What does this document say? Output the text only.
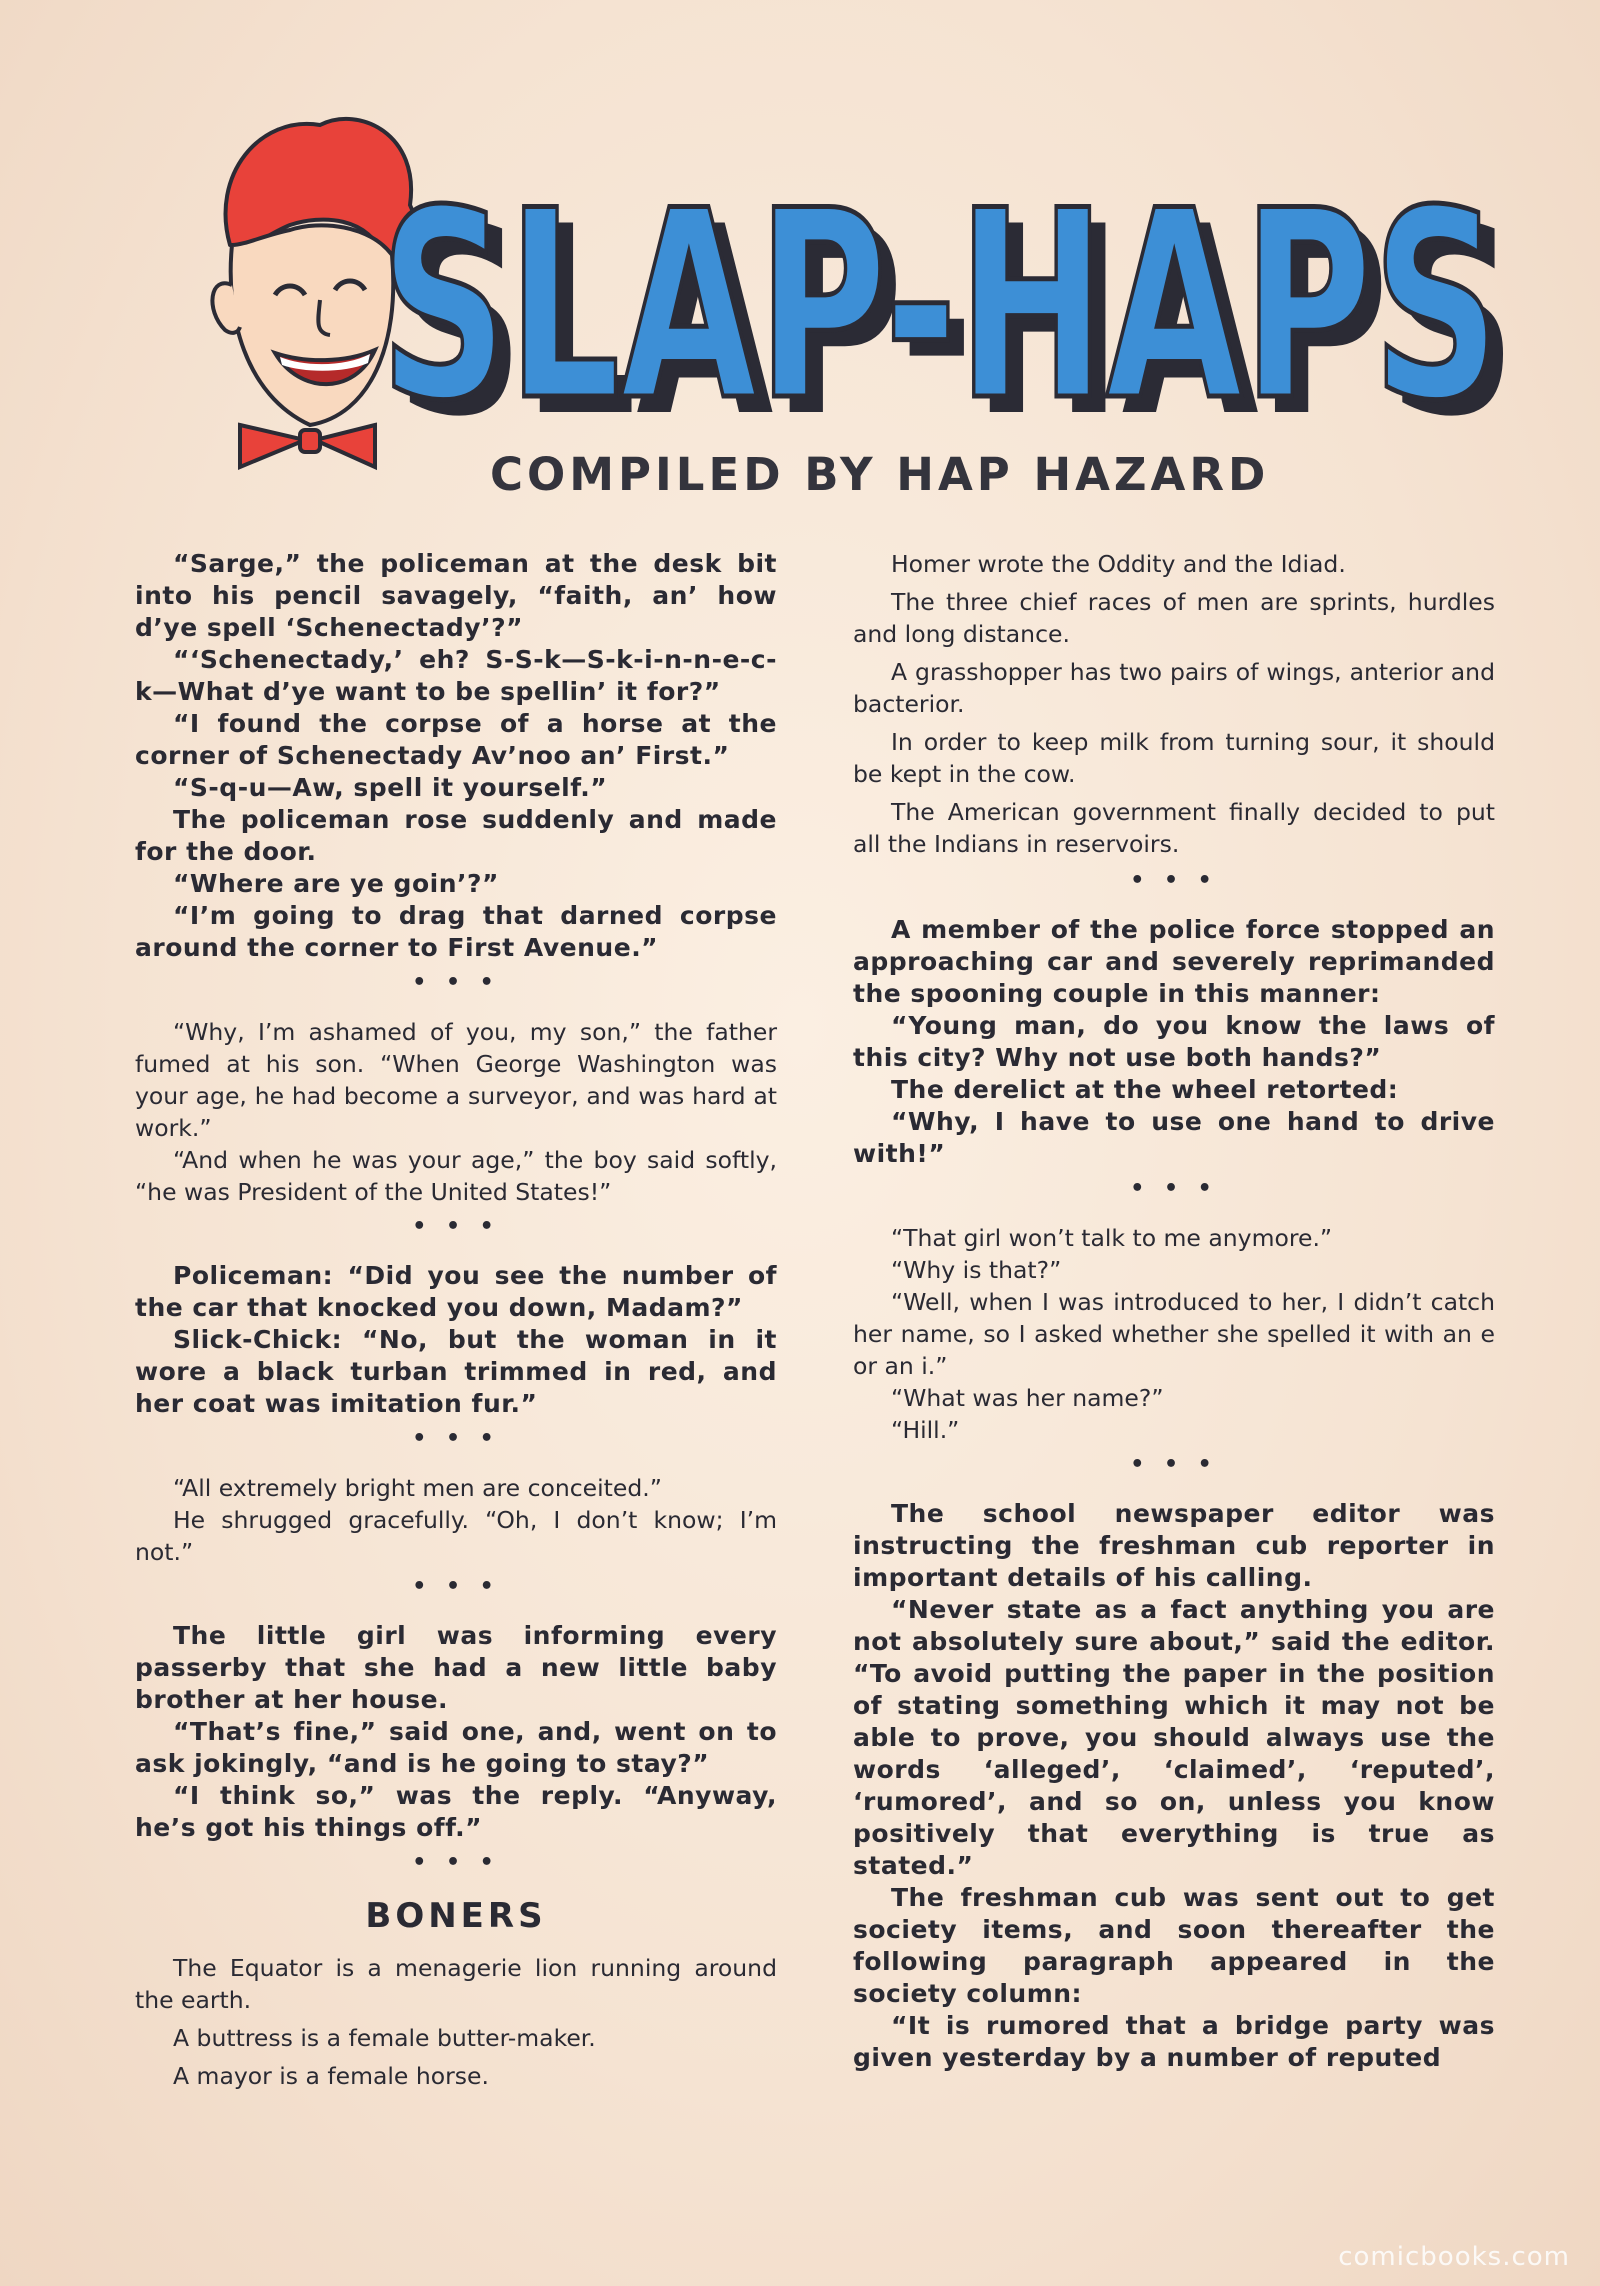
SLAP-HAPS
SLAP-HAPS
COMPILED BY HAP HAZARD

“Sarge,” the policeman at the desk bit into his pencil savagely, “faith, an’ how d’ye spell ‘Schenectady’?”

“‘Schenectady,’ eh? S-S-k—S-k-i-n-n-e-c-k—What d’ye want to be spellin’ it for?”

“I found the corpse of a horse at the corner of Schenectady Av’noo an’ First.”

“S-q-u—Aw, spell it yourself.”

The policeman rose suddenly and made for the door.

“Where are ye goin’?”

“I’m going to drag that darned corpse around the corner to First Avenue.”

• • •

“Why, I’m ashamed of you, my son,” the father fumed at his son. “When George Washington was your age, he had become a surveyor, and was hard at work.”

“And when he was your age,” the boy said softly, “he was President of the United States!”

• • •

Policeman: “Did you see the number of the car that knocked you down, Madam?”

Slick-Chick: “No, but the woman in it wore a black turban trimmed in red, and her coat was imitation fur.”

• • •

“All extremely bright men are conceited.”

He shrugged gracefully. “Oh, I don’t know; I’m not.”

• • •

The little girl was informing every passerby that she had a new little baby brother at her house.

“That’s fine,” said one, and, went on to ask jokingly, “and is he going to stay?”

“I think so,” was the reply. “Anyway, he’s got his things off.”

• • •
BONERS

The Equator is a menagerie lion running around the earth.

A buttress is a female butter-maker.

A mayor is a female horse.

Homer wrote the Oddity and the Idiad.

The three chief races of men are sprints, hurdles and long distance.

A grasshopper has two pairs of wings, anterior and bacterior.

In order to keep milk from turning sour, it should be kept in the cow.

The American government finally decided to put all the Indians in reservoirs.

• • •

A member of the police force stopped an approaching car and severely reprimanded the spooning couple in this manner:

“Young man, do you know the laws of this city? Why not use both hands?”

The derelict at the wheel retorted:

“Why, I have to use one hand to drive with!”

• • •

“That girl won’t talk to me anymore.”

“Why is that?”

“Well, when I was introduced to her, I didn’t catch her name, so I asked whether she spelled it with an e or an i.”

“What was her name?”

“Hill.”

• • •

The school newspaper editor was instructing the freshman cub reporter in important details of his calling.

“Never state as a fact anything you are not absolutely sure about,” said the editor. “To avoid putting the paper in the position of stating something which it may not be able to prove, you should always use the words ‘alleged’, ‘claimed’, ‘reputed’, ‘rumored’, and so on, unless you know positively that everything is true as stated.”

The freshman cub was sent out to get society items, and soon thereafter the following paragraph appeared in the society column:

“It is rumored that a bridge party was given yesterday by a number of reputed

comicbooks.com
